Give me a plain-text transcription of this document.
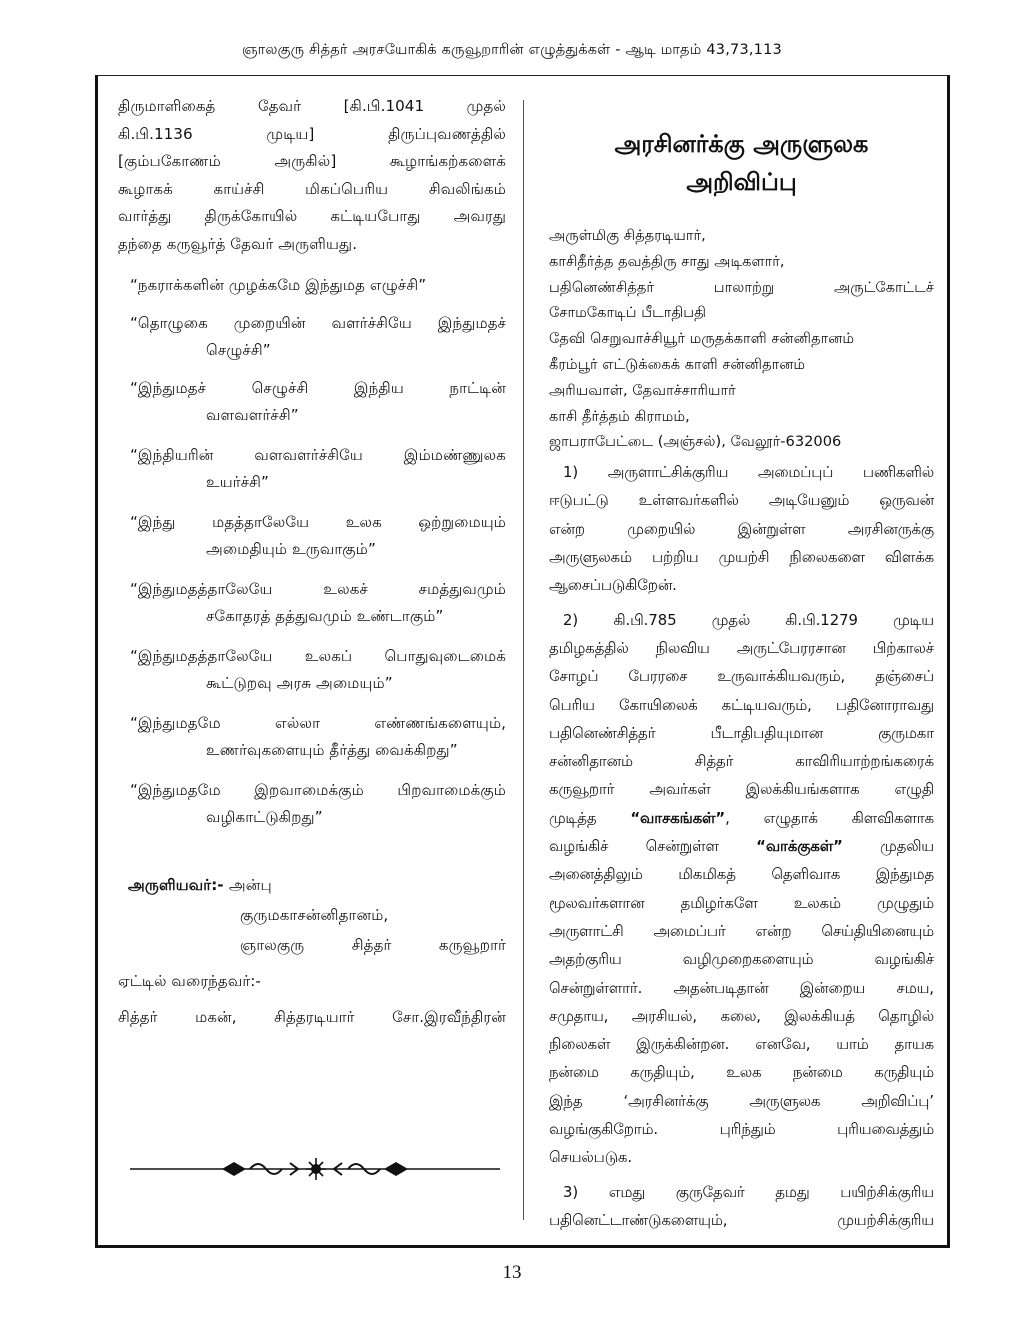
ஞாலகுரு சித்தர் அரசயோகிக் கருவூறாரின் எழுத்துக்கள் - ஆடி மாதம் 43,73,113
திருமாளிகைத் தேவர் [கி.பி.1041 முதல்
கி.பி.1136 முடிய] திருப்புவணத்தில்
[கும்பகோணம் அருகில்] கூழாங்கற்களைக்
கூழாகக் காய்ச்சி மிகப்பெரிய சிவலிங்கம்
வார்த்து திருக்கோயில் கட்டியபோது அவரது
தந்தை கருவூர்த் தேவர் அருளியது.
“நகராக்களின் முழக்கமே இந்துமத எழுச்சி”
“தொழுகை முறையின் வளர்ச்சியே இந்துமதச்
செழுச்சி”
“இந்துமதச் செழுச்சி இந்திய நாட்டின்
வளவளர்ச்சி”
“இந்தியரின் வளவளர்ச்சியே இம்மண்ணுலக
உயர்ச்சி”
“இந்து மதத்தாலேயே உலக ஒற்றுமையும்
அமைதியும் உருவாகும்”
“இந்துமதத்தாலேயே உலகச் சமத்துவமும்
சகோதரத் தத்துவமும் உண்டாகும்”
“இந்துமதத்தாலேயே உலகப் பொதுவுடைமைக்
கூட்டுறவு அரசு அமையும்”
“இந்துமதமே எல்லா எண்ணங்களையும்,
உணர்வுகளையும் தீர்த்து வைக்கிறது”
“இந்துமதமே இறவாமைக்கும் பிறவாமைக்கும்
வழிகாட்டுகிறது”
அருளியவர்:- அன்பு
குருமகாசன்னிதானம்,
ஞாலகுரு சித்தர் கருவூறார்
ஏட்டில் வரைந்தவர்:-
சித்தர் மகன், சித்தரடியார் சோ.இரவீந்திரன்
அரசினர்க்கு அருளுலக
அறிவிப்பு
அருள்மிகு சித்தரடியார்,
காசிதீர்த்த தவத்திரு சாது அடிகளார்,
பதினெண்சித்தர் பாலாற்று அருட்கோட்டச்
சோமகோடிப் பீடாதிபதி
தேவி செறுவாச்சியூர் மருதக்காளி சன்னிதானம்
கீரம்பூர் எட்டுக்கைக் காளி சன்னிதானம்
அரியவாள், தேவாச்சாரியார்
காசி தீர்த்தம் கிராமம்,
ஜாபராபேட்டை (அஞ்சல்), வேலூர்-632006
1) அருளாட்சிக்குரிய அமைப்புப் பணிகளில்
ஈடுபட்டு உள்ளவர்களில் அடியேனும் ஒருவன்
என்ற முறையில் இன்றுள்ள அரசினருக்கு
அருளுலகம் பற்றிய முயற்சி நிலைகளை விளக்க
ஆசைப்படுகிறேன்.
2) கி.பி.785 முதல் கி.பி.1279 முடிய
தமிழகத்தில் நிலவிய அருட்பேரரசான பிற்காலச்
சோழப் பேரரசை உருவாக்கியவரும், தஞ்சைப்
பெரிய கோயிலைக் கட்டியவரும், பதினோராவது
பதினெண்சித்தர் பீடாதிபதியுமான குருமகா
சன்னிதானம் சித்தர் காவிரியாற்றங்கரைக்
கருவூறார் அவர்கள் இலக்கியங்களாக எழுதி
முடித்த “வாசகங்கள்”, எழுதாக் கிளவிகளாக
வழங்கிச் சென்றுள்ள	“வாக்குகள்”	முதலிய
அனைத்திலும் மிகமிகத் தெளிவாக இந்துமத
மூலவர்களான தமிழர்களே உலகம் முழுதும்
அருளாட்சி அமைப்பர் என்ற செய்தியினையும்
அதற்குரிய வழிமுறைகளையும் வழங்கிச்
சென்றுள்ளார். அதன்படிதான் இன்றைய சமய,
சமுதாய, அரசியல், கலை, இலக்கியத் தொழில்
நிலைகள் இருக்கின்றன. எனவே, யாம் தாயக
நன்மை கருதியும், உலக நன்மை கருதியும்
இந்த ‘அரசினர்க்கு அருளுலக அறிவிப்பு’
வழங்குகிறோம். புரிந்தும் புரியவைத்தும்
செயல்படுக.
3) எமது குருதேவர் தமது பயிற்சிக்குரிய
பதினெட்டாண்டுகளையும், முயற்சிக்குரிய
13
